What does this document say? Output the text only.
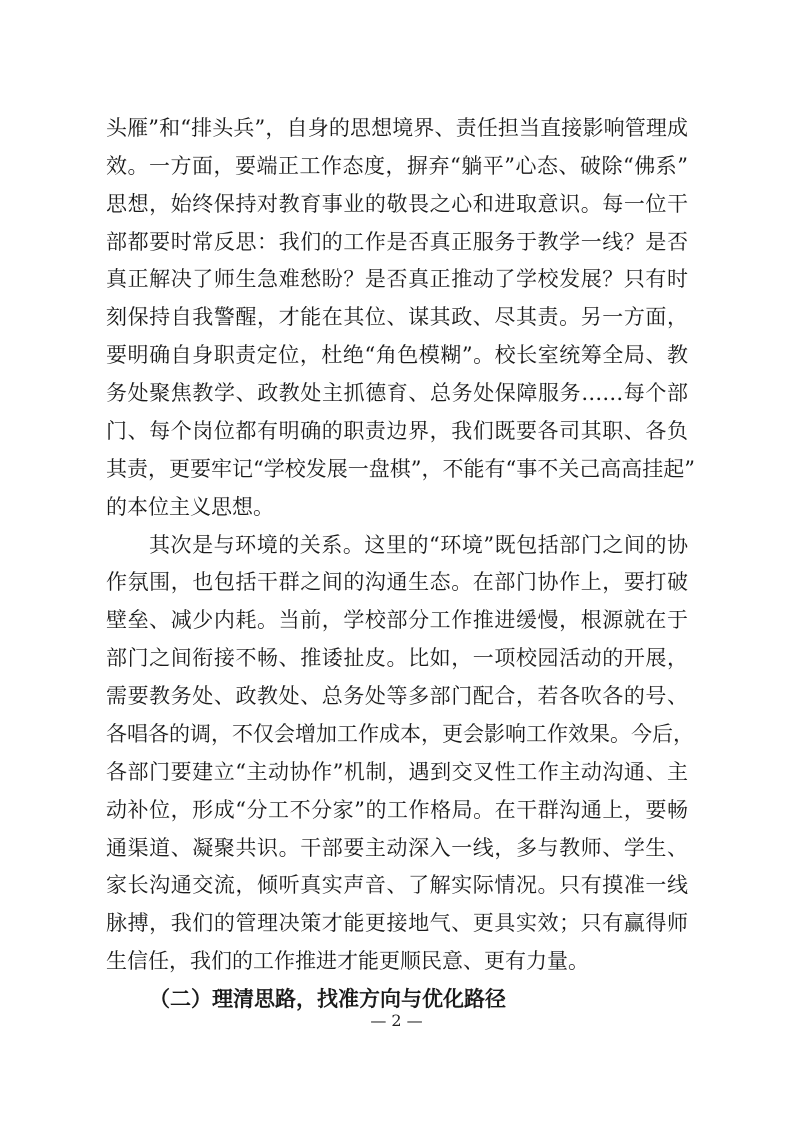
头雁”和“排头兵”，自身的思想境界、责任担当直接影响管理成
效。一方面，要端正工作态度，摒弃“躺平”心态、破除“佛系”
思想，始终保持对教育事业的敬畏之心和进取意识。每一位干
部都要时常反思：我们的工作是否真正服务于教学一线？是否
真正解决了师生急难愁盼？是否真正推动了学校发展？只有时
刻保持自我警醒，才能在其位、谋其政、尽其责。另一方面，
要明确自身职责定位，杜绝“角色模糊”。校长室统筹全局、教
务处聚焦教学、政教处主抓德育、总务处保障服务……每个部
门、每个岗位都有明确的职责边界，我们既要各司其职、各负
其责，更要牢记“学校发展一盘棋”，不能有“事不关己高高挂起”
的本位主义思想。
其次是与环境的关系。这里的“环境”既包括部门之间的协
作氛围，也包括干群之间的沟通生态。在部门协作上，要打破
壁垒、减少内耗。当前，学校部分工作推进缓慢，根源就在于
部门之间衔接不畅、推诿扯皮。比如，一项校园活动的开展，
需要教务处、政教处、总务处等多部门配合，若各吹各的号、
各唱各的调，不仅会增加工作成本，更会影响工作效果。今后，
各部门要建立“主动协作”机制，遇到交叉性工作主动沟通、主
动补位，形成“分工不分家”的工作格局。在干群沟通上，要畅
通渠道、凝聚共识。干部要主动深入一线，多与教师、学生、
家长沟通交流，倾听真实声音、了解实际情况。只有摸准一线
脉搏，我们的管理决策才能更接地气、更具实效；只有赢得师
生信任，我们的工作推进才能更顺民意、更有力量。
（二）理清思路，找准方向与优化路径
— 2 —
